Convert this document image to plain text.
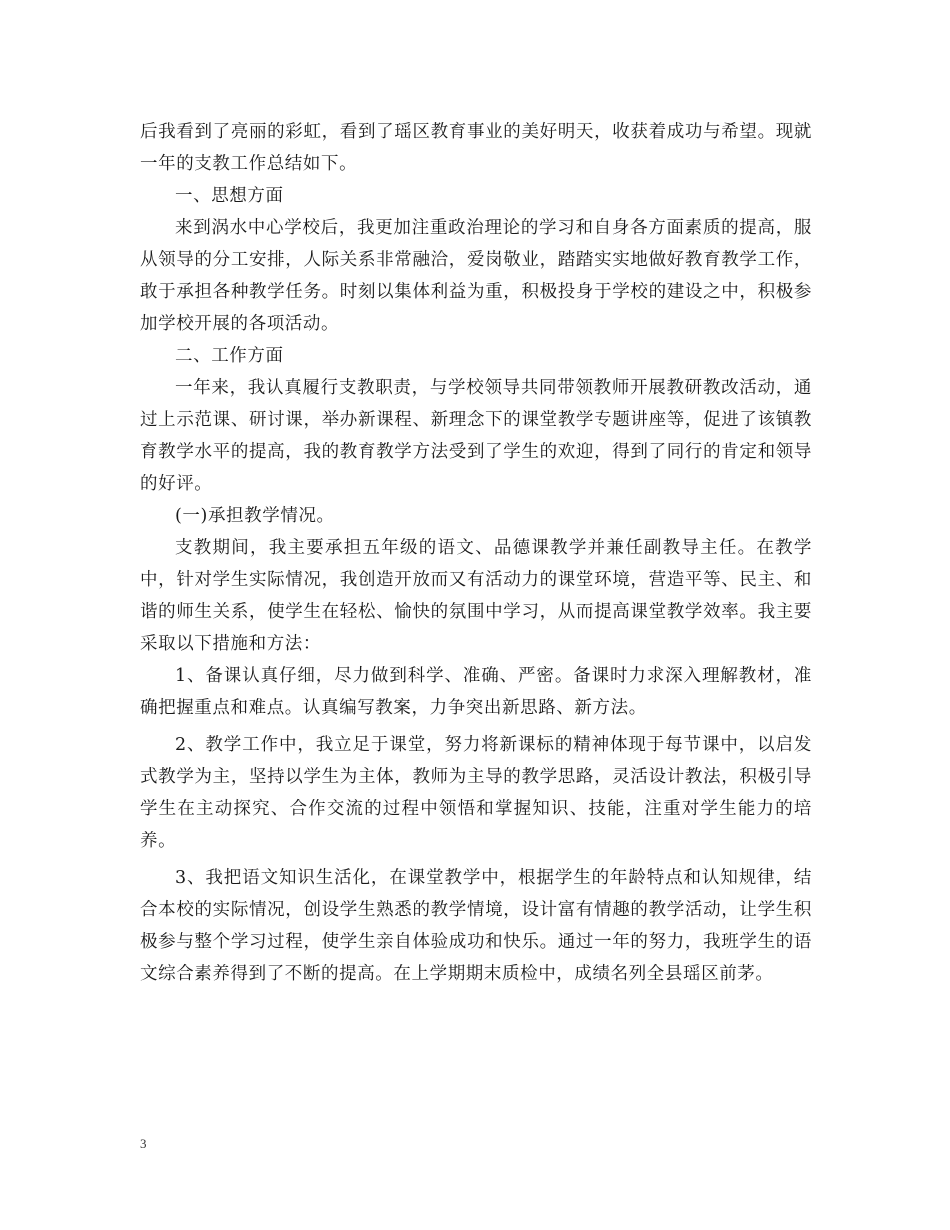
后我看到了亮丽的彩虹，看到了瑶区教育事业的美好明天，收获着成功与希望。现就一年的支教工作总结如下。

一、思想方面

来到涡水中心学校后，我更加注重政治理论的学习和自身各方面素质的提高，服从领导的分工安排，人际关系非常融洽，爱岗敬业，踏踏实实地做好教育教学工作，敢于承担各种教学任务。时刻以集体利益为重，积极投身于学校的建设之中，积极参加学校开展的各项活动。

二、工作方面

一年来，我认真履行支教职责，与学校领导共同带领教师开展教研教改活动，通过上示范课、研讨课，举办新课程、新理念下的课堂教学专题讲座等，促进了该镇教育教学水平的提高，我的教育教学方法受到了学生的欢迎，得到了同行的肯定和领导的好评。

(一)承担教学情况。

支教期间，我主要承担五年级的语文、品德课教学并兼任副教导主任。在教学中，针对学生实际情况，我创造开放而又有活动力的课堂环境，营造平等、民主、和谐的师生关系，使学生在轻松、愉快的氛围中学习，从而提高课堂教学效率。我主要采取以下措施和方法：

1、备课认真仔细，尽力做到科学、准确、严密。备课时力求深入理解教材，准确把握重点和难点。认真编写教案，力争突出新思路、新方法。

2、教学工作中，我立足于课堂，努力将新课标的精神体现于每节课中，以启发式教学为主，坚持以学生为主体，教师为主导的教学思路，灵活设计教法，积极引导学生在主动探究、合作交流的过程中领悟和掌握知识、技能，注重对学生能力的培养。

3、我把语文知识生活化，在课堂教学中，根据学生的年龄特点和认知规律，结合本校的实际情况，创设学生熟悉的教学情境，设计富有情趣的教学活动，让学生积极参与整个学习过程，使学生亲自体验成功和快乐。通过一年的努力，我班学生的语文综合素养得到了不断的提高。在上学期期末质检中，成绩名列全县瑶区前茅。

3
